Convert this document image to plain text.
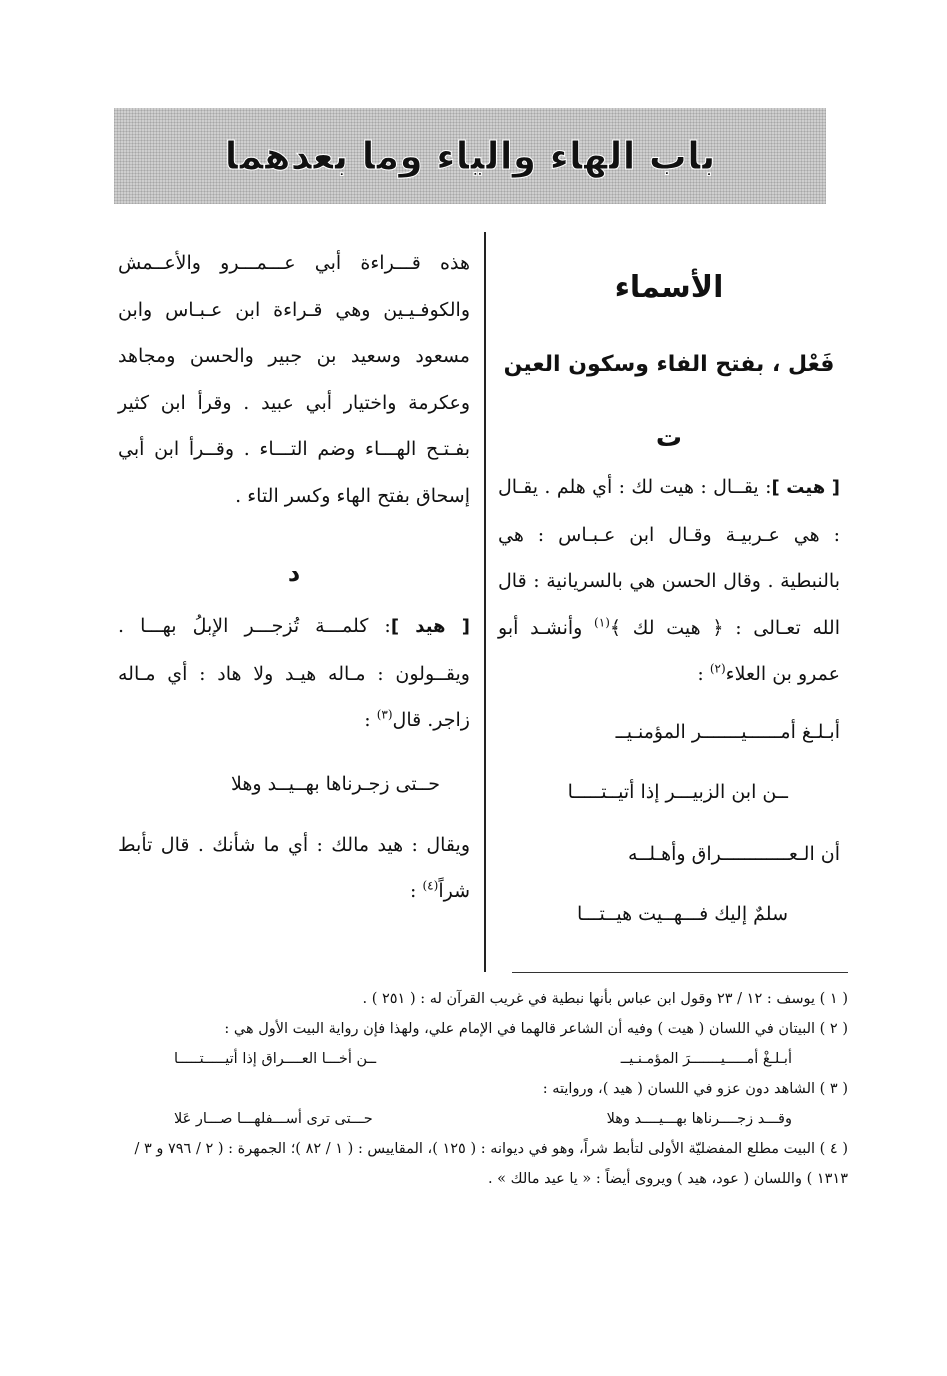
باب الهاء والياء وما بعدهما

الأسماء

فَعْل ، بفتح الفاء وسكون العين

ت

[ هيت ]: يقــال : هيت لك : أي هلم . يقـال : هي عـربيـة وقـال ابن عـبـاس : هي بالنبطية . وقال الحسن هي بالسريانية : قال الله تعـالى : ﴿ هيت لك ﴾$^{(١)}$ وأنشـد أبو عمرو بن العلاء$^{(٢)}$ :

أبـلـغ أمــــــيـــــــر المؤمنـيــ

ــن ابن الزبيـــر إذا أتيــتـــــا

أن الـعــــــــــــراق وأهـلــه

سلمٌ إليك فـــهــيت هيــتـــا

هذه قـــراءة أبي عـــمـــرو والأعــمش والكوفـيـين وهي قـراءة ابن عـبـاس وابن مسعود وسعيد بن جبير والحسن ومجاهد وعكرمة واختيار أبي عبيد . وقرأ ابن كثير بفـتـح الهـــاء وضم التـــاء . وقــرأ ابن أبي إسحاق بفتح الهاء وكسر التاء .

د

[ هيد ]: كلمـــة تُزجـــر الإبلُ بهـــا . ويقــولون : مـاله هيـد ولا هاد : أي مـاله زاجر. قال$^{(٣)}$ :

حــتى زجـرناها بهــيــد وهلا

ويقال : هيد مالك : أي ما شأنك . قال تأبط شراً$^{(٤)}$ :

( ١ ) يوسف : ١٢ / ٢٣ وقول ابن عباس بأنها نبطية في غريب القرآن له : ( ٢٥١ ) .

( ٢ ) البيتان في اللسان ( هيت ) وفيه أن الشاعر قالهما في الإمام علي، ولهذا فإن رواية البيت الأول هي :

أبـلـغْ أمـــــيـــــــرَ المؤمـنـيــ
ــن أخـــا العــــراق إذا أتيـــــتـــــا

( ٣ ) الشاهد دون عزو في اللسان ( هيد )، وروايته :

وقـــد زجــــرناها بهـــيــــد وهلا
حـــتى ترى أســـفلهـــا صـــار عَلا

( ٤ ) البيت مطلع المفضليّة الأولى لتأبط شراً، وهو في ديوانه : ( ١٢٥ )، المقاييس : ( ١ / ٨٢ )؛ الجمهرة : ( ٢ / ٧٩٦ و ٣ / ١٣١٣ ) واللسان ( عود، هيد ) ويروى أيضاً : « يا عيد مالك » .
